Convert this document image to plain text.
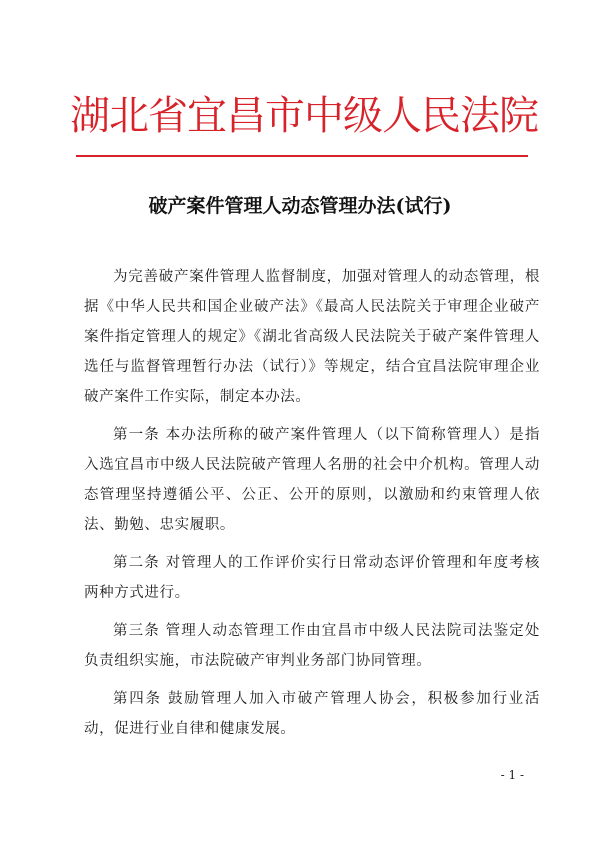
湖北省宜昌市中级人民法院
破产案件管理人动态管理办法(试行)

为完善破产案件管理人监督制度，加强对管理人的动态管理，根据《中华人民共和国企业破产法》《最高人民法院关于审理企业破产案件指定管理人的规定》《湖北省高级人民法院关于破产案件管理人选任与监督管理暂行办法（试行）》等规定，结合宜昌法院审理企业破产案件工作实际，制定本办法。

第一条 本办法所称的破产案件管理人（以下简称管理人）是指入选宜昌市中级人民法院破产管理人名册的社会中介机构。管理人动态管理坚持遵循公平、公正、公开的原则，以激励和约束管理人依法、勤勉、忠实履职。

第二条 对管理人的工作评价实行日常动态评价管理和年度考核两种方式进行。

第三条 管理人动态管理工作由宜昌市中级人民法院司法鉴定处负责组织实施，市法院破产审判业务部门协同管理。

第四条 鼓励管理人加入市破产管理人协会，积极参加行业活动，促进行业自律和健康发展。

- 1 -
